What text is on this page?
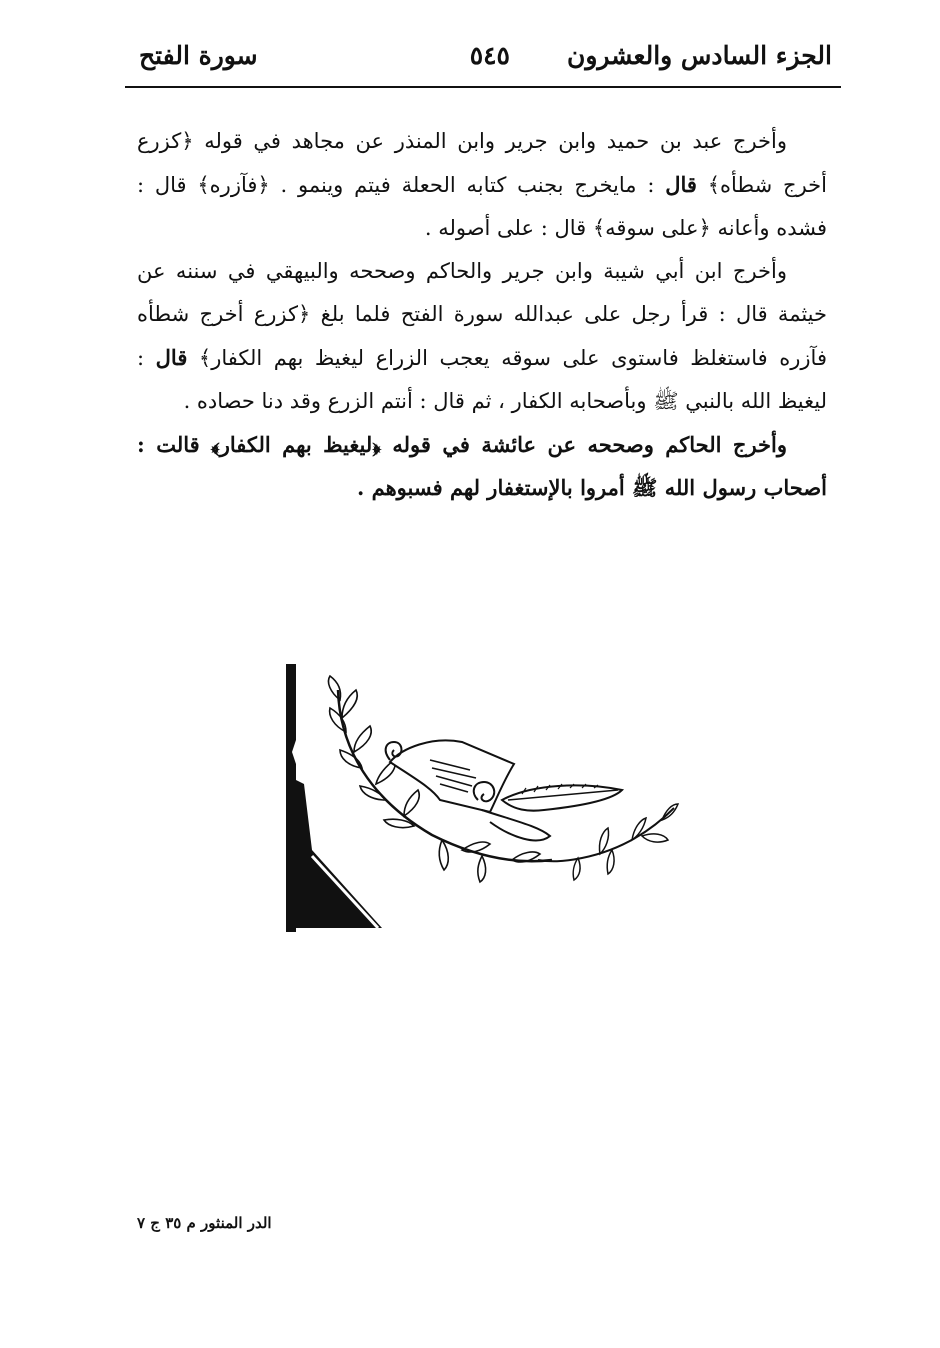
الجزء السادس والعشرون
٥٤٥
سورة الفتح

وأخرج عبد بن حميد وابن جرير وابن المنذر عن مجاهد في قوله ﴿كزرع أخرج شطأه﴾ قال : مايخرج بجنب كتابه الحعلة فيتم وينمو . ﴿فآزره﴾ قال : فشده وأعانه ﴿على سوقه﴾ قال : على أصوله .

وأخرج ابن أبي شيبة وابن جرير والحاكم وصححه والبيهقي في سننه عن خيثمة قال : قرأ رجل على عبدالله سورة الفتح فلما بلغ ﴿كزرع أخرج شطأه فآزره فاستغلظ فاستوى على سوقه يعجب الزراع ليغيظ بهم الكفار﴾ قال : ليغيظ الله بالنبي ﷺ وبأصحابه الكفار ، ثم قال : أنتم الزرع وقد دنا حصاده .

وأخرج الحاكم وصححه عن عائشة في قوله ﴿ليغيظ بهم الكفار﴾ قالت : أصحاب رسول الله ﷺ أمروا بالإستغفار لهم فسبوهم .

الدر المنثور م ٣٥ ج ٧
